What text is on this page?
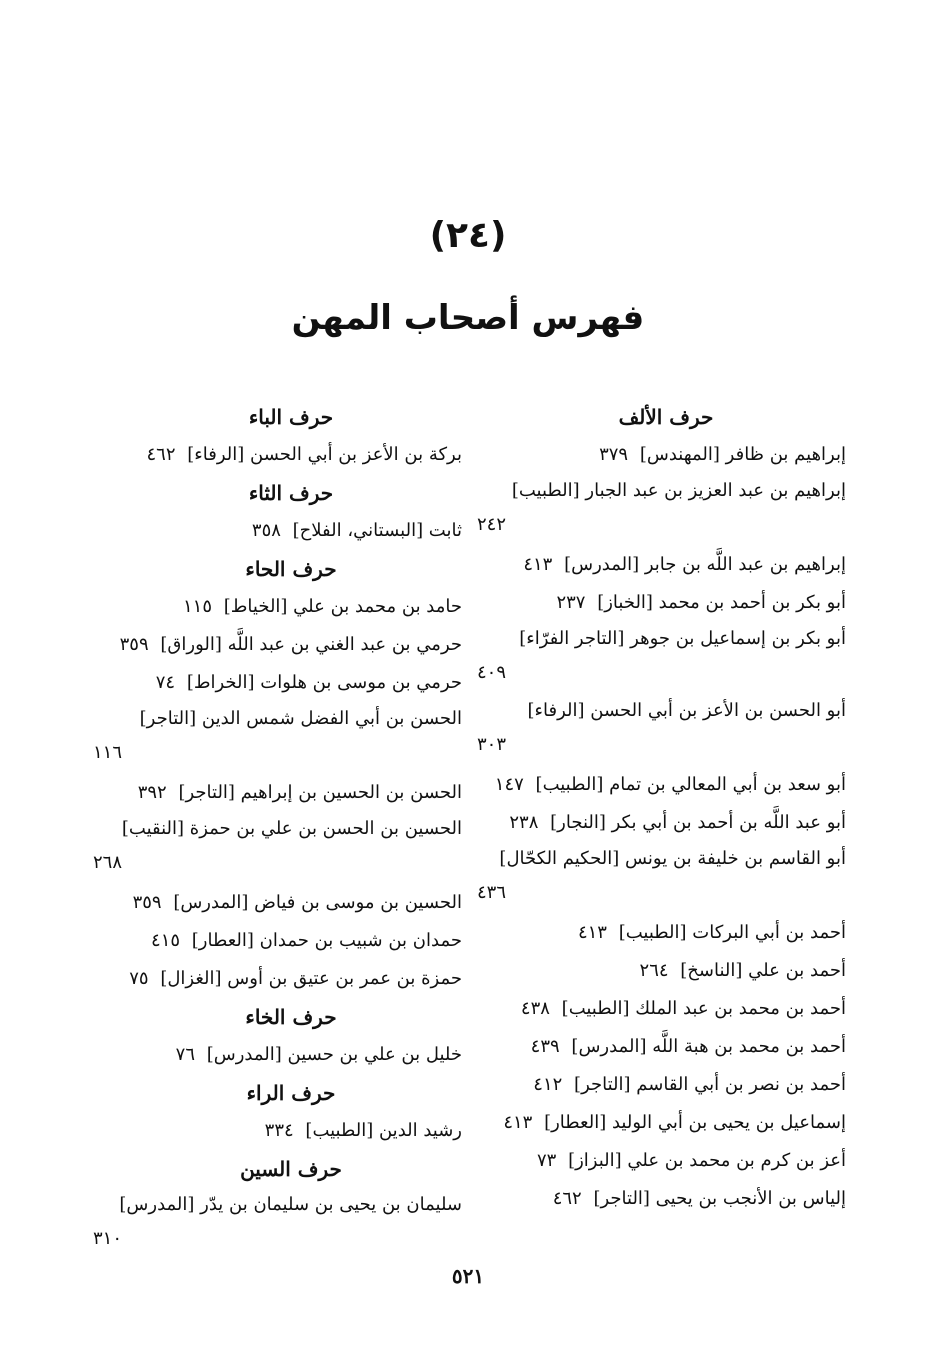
(٢٤)
فهرس أصحاب المهن
حرف الألف
إبراهيم بن ظافر [المهندس] ٣٧٩
إبراهيم بن عبد العزيز بن عبد الجبار [الطبيب]
٢٤٢
إبراهيم بن عبد اللَّه بن جابر [المدرس] ٤١٣
أبو بكر بن أحمد بن محمد [الخباز] ٢٣٧
أبو بكر بن إسماعيل بن جوهر [التاجر الفرّاء]
٤٠٩
أبو الحسن بن الأعز بن أبي الحسن [الرفاء]
٣٠٣
أبو سعد بن أبي المعالي بن تمام [الطبيب] ١٤٧
أبو عبد اللَّه بن أحمد بن أبي بكر [النجار] ٢٣٨
أبو القاسم بن خليفة بن يونس [الحكيم الكحّال]
٤٣٦
أحمد بن أبي البركات [الطبيب] ٤١٣
أحمد بن علي [الناسخ] ٢٦٤
أحمد بن محمد بن عبد الملك [الطبيب] ٤٣٨
أحمد بن محمد بن هبة اللَّه [المدرس] ٤٣٩
أحمد بن نصر بن أبي القاسم [التاجر] ٤١٢
إسماعيل بن يحيى بن أبي الوليد [العطار] ٤١٣
أعز بن كرم بن محمد بن علي [البزاز] ٧٣
إلياس بن الأنجب بن يحيى [التاجر] ٤٦٢
حرف الباء
بركة بن الأعز بن أبي الحسن [الرفاء] ٤٦٢
حرف الثاء
ثابت [البستاني، الفلاح] ٣٥٨
حرف الحاء
حامد بن محمد بن علي [الخياط] ١١٥
حرمي بن عبد الغني بن عبد اللَّه [الوراق] ٣٥٩
حرمي بن موسى بن هلوات [الخراط] ٧٤
الحسن بن أبي الفضل شمس الدين [التاجر]
١١٦
الحسن بن الحسين بن إبراهيم [التاجر] ٣٩٢
الحسين بن الحسن بن علي بن حمزة [النقيب]
٢٦٨
الحسين بن موسى بن فياض [المدرس] ٣٥٩
حمدان بن شبيب بن حمدان [العطار] ٤١٥
حمزة بن عمر بن عتيق بن أوس [الغزال] ٧٥
حرف الخاء
خليل بن علي بن حسين [المدرس] ٧٦
حرف الراء
رشيد الدين [الطبيب] ٣٣٤
حرف السين
سليمان بن يحيى بن سليمان بن يدّر [المدرس]
٣١٠
٥٢١
